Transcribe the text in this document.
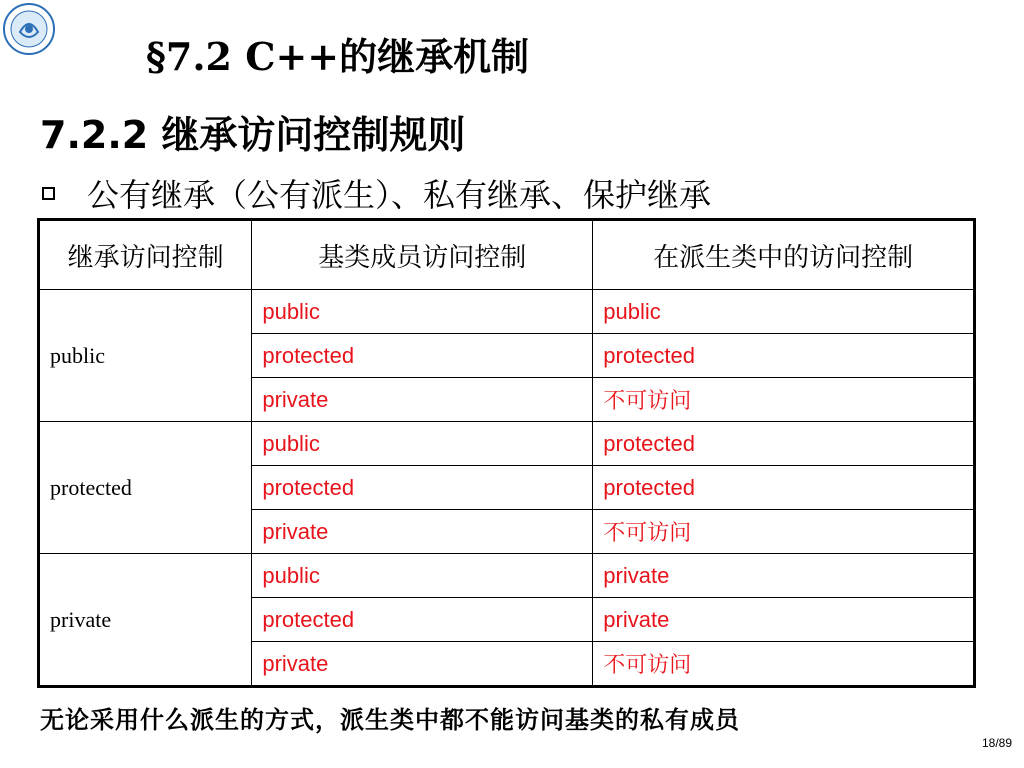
§7.2 C++的继承机制
7.2.2 继承访问控制规则
公有继承（公有派生）、私有继承、保护继承
继承访问控制	基类成员访问控制	在派生类中的访问控制
public	public	public
	protected	protected
	private	不可访问
protected	public	protected
	protected	protected
	private	不可访问
private	public	private
	protected	private
	private	不可访问
无论采用什么派生的方式，派生类中都不能访问基类的私有成员
18/89
